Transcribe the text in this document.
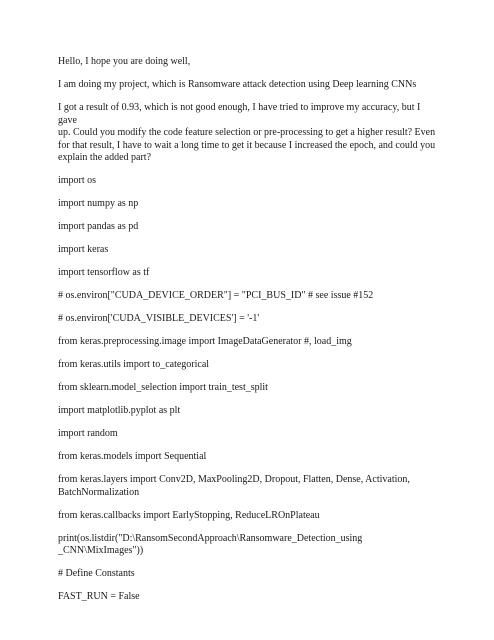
Hello, I hope you are doing well,

I am doing my project, which is Ransomware attack detection using Deep learning CNNs

I got a result of 0.93, which is not good enough, I have tried to improve my accuracy, but I gave
up. Could you modify the code feature selection or pre-processing to get a higher result? Even
for that result, I have to wait a long time to get it because I increased the epoch, and could you
explain the added part?

import os

import numpy as np

import pandas as pd

import keras

import tensorflow as tf

# os.environ["CUDA_DEVICE_ORDER"] = "PCI_BUS_ID" # see issue #152

# os.environ['CUDA_VISIBLE_DEVICES'] = '-1'

from keras.preprocessing.image import ImageDataGenerator #, load_img

from keras.utils import to_categorical

from sklearn.model_selection import train_test_split

import matplotlib.pyplot as plt

import random

from keras.models import Sequential

from keras.layers import Conv2D, MaxPooling2D, Dropout, Flatten, Dense, Activation,
BatchNormalization

from keras.callbacks import EarlyStopping, ReduceLROnPlateau

print(os.listdir("D:\RansomSecondApproach\Ransomware_Detection_using
_CNN\MixImages"))

# Define Constants

FAST_RUN = False
